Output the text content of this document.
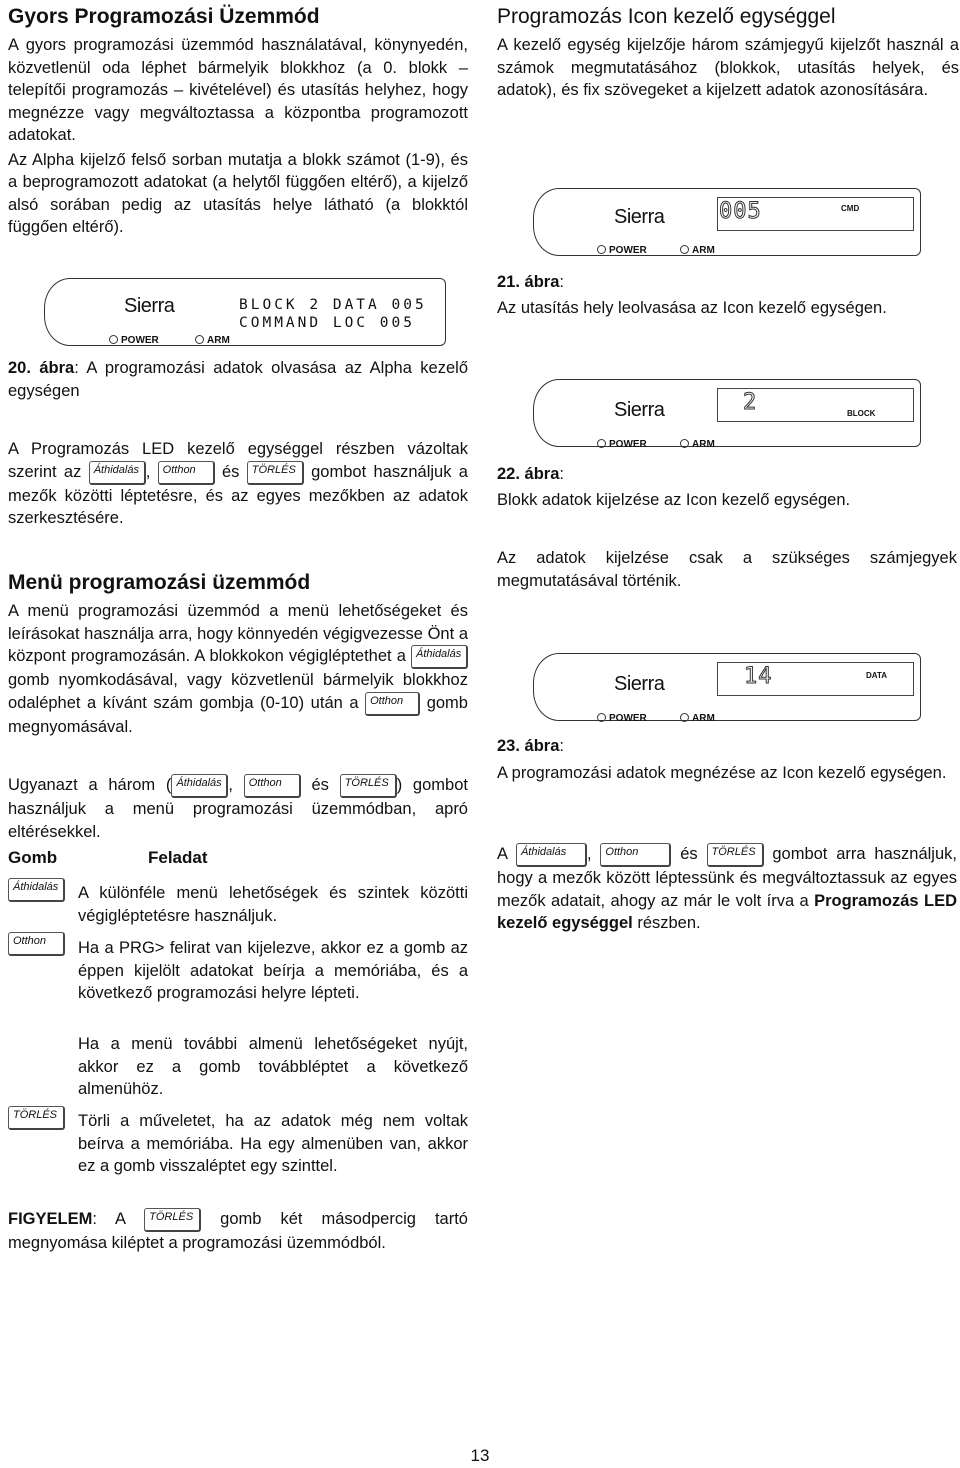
Gyors Programozási Üzemmód

A gyors programozási üzemmód használatával, könynyedén, közvetlenül oda léphet bármelyik blokkhoz (a 0. blokk – telepítői programozás – kivételével) és utasítás helyhez, hogy megnézze vagy megváltoztassa a központba programozott adatokat.

Az Alpha kijelző felső sorban mutatja a blokk számot (1-9), és a beprogramozott adatokat (a helytől függően eltérő), a kijelző alsó sorában pedig az utasítás helye látható (a blokktól függően eltérő).

Sierra	BLOCK 2 DATA 005
COMMAND LOC 005
POWER	ARM

20. ábra: A programozási adatok olvasása az Alpha kezelő egységen

A Programozás LED kezelő egységgel részben vázoltak szerint az Áthidalás , Otthon és TÖRLÉS gombot használjuk a mezők közötti léptetésre, és az egyes mezőkben az adatok szerkesztésére.

Menü programozási üzemmód

A menü programozási üzemmód a menü lehetőségeket és leírásokat használja arra, hogy könnyedén végigvezesse Önt a központ programozásán. A blokkokon végigléptethet a Áthidalás gomb nyomkodásával, vagy közvetlenül bármelyik blokkhoz odaléphet a kívánt szám gombja (0-10) után a Otthon gomb megnyomásával.

Ugyanazt a három ( Áthidalás , Otthon és TÖRLÉS ) gombot használjuk a menü programozási üzemmódban, apró eltérésekkel.

Gomb	Feladat
Áthidalás	A különféle menü lehetőségek és szintek közötti végigléptetésre használjuk.

Otthon	Ha a PRG> felirat van kijelezve, akkor ez a gomb az éppen kijelölt adatokat beírja a memóriába, és a következő programozási helyre lépteti.

Ha a menü további almenü lehetőségeket nyújt, akkor ez a gomb továbbléptet a következő almenühöz.

TÖRLÉS	Törli a műveletet, ha az adatok még nem voltak beírva a memóriába. Ha egy almenüben van, akkor ez a gomb visszaléptet egy szinttel.

FIGYELEM: A TÖRLÉS gomb két másodpercig tartó megnyomása kiléptet a programozási üzemmódból.

Programozás Icon kezelő egységgel

A kezelő egység kijelzője három számjegyű kijelzőt használ a számok megmutatásához (blokkok, utasítás helyek, és adatok), és fix szövegeket a kijelzett adatok azonosítására.

Sierra 005	CMD
POWER	ARM

21. ábra:

Az utasítás hely leolvasása az Icon kezelő egységen.

Sierra	2	BLOCK
POWER	ARM

22. ábra:

Blokk adatok kijelzése az Icon kezelő egységen.

Az adatok kijelzése csak a szükséges számjegyek megmutatásával történik.

Sierra	14	DATA
POWER	ARM

23. ábra:

A programozási adatok megnézése az Icon kezelő egységen.

A Áthidalás , Otthon	és TÖRLÉS gombot arra használjuk, hogy a mezők között léptessünk és megváltoztassuk az egyes mezők adatait, ahogy az már le volt írva a Programozás LED kezelő egységgel részben.

13
